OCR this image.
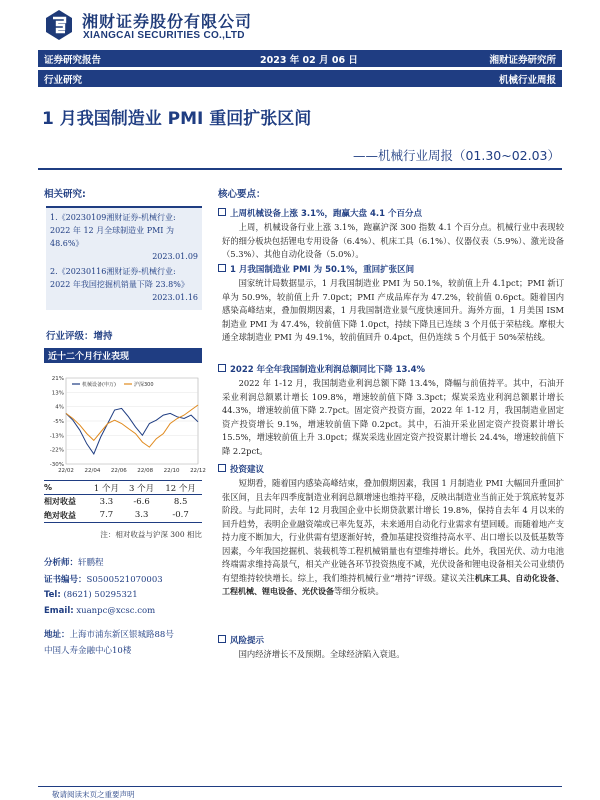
湘财证券股份有限公司
XIANGCAI SECURITIES CO.,LTD
证券研究报告	2023 年 02 月 06 日	湘财证券研究所
行业研究	机械行业周报
1 月我国制造业 PMI 重回扩张区间
——机械行业周报（01.30~02.03）
相关研究:
1.《20230109湘财证券-机械行业: 2022 年 12 月全球制造业 PMI 为 48.6%》
2023.01.09
2.《20230116湘财证券-机械行业: 2022 年我国挖掘机销量下降 23.8%》
2023.01.16
行业评级：增持
近十二个月行业表现
21%
13%
4%
-5%
-13%
-22%
-30%
22/02 22/04 22/06 22/08 22/10 22/12
机械设备(申万)	沪深300
%	1 个月	3 个月	12 个月
相对收益	3.3	-6.6	8.5
绝对收益	7.7	3.3	-0.7
注：相对收益与沪深 300 相比
分析师：轩鹏程
证书编号：S0500521070003
Tel: (8621) 50295321
Email: xuanpc@xcsc.com
地址：上海市浦东新区银城路88号
中国人寿金融中心10楼
核心要点：
上周机械设备上涨 3.1%，跑赢大盘 4.1 个百分点
上周，机械设备行业上涨 3.1%，跑赢沪深 300 指数 4.1 个百分点。机械行业中表现较好的细分板块包括锂电专用设备（6.4%）、机床工具（6.1%）、仪器仪表（5.9%）、激光设备（5.3%）、其他自动化设备（5.0%）。
1 月我国制造业 PMI 为 50.1%，重回扩张区间
国家统计局数据显示，1 月我国制造业 PMI 为 50.1%，较前值上升 4.1pct；PMI 新订单为 50.9%，较前值上升 7.0pct；PMI 产成品库存为 47.2%，较前值 0.6pct。随着国内感染高峰结束，叠加假期因素，1 月我国制造业景气度快速回升。海外方面，1 月美国 ISM 制造业 PMI 为 47.4%，较前值下降 1.0pct，持续下降且已连续 3 个月低于荣枯线。摩根大通全球制造业 PMI 为 49.1%，较前值回升 0.4pct，但仍连续 5 个月低于 50%荣枯线。
2022 年全年我国制造业利润总额同比下降 13.4%
2022 年 1-12 月，我国制造业利润总额下降 13.4%，降幅与前值持平。其中，石油开采业利润总额累计增长 109.8%，增速较前值下降 3.3pct；煤炭采选业利润总额累计增长 44.3%，增速较前值下降 2.7pct。固定资产投资方面，2022 年 1-12 月，我国制造业固定资产投资增长 9.1%，增速较前值下降 0.2pct。其中，石油开采业固定资产投资累计增长 15.5%，增速较前值上升 3.0pct；煤炭采选业固定资产投资累计增长 24.4%，增速较前值下降 2.2pct。
投资建议
短期看，随着国内感染高峰结束，叠加假期因素，我国 1 月制造业 PMI 大幅回升重回扩张区间，且去年四季度制造业利润总额增速也维持平稳，反映出制造业当前正处于筑底转复苏阶段。与此同时，去年 12 月我国企业中长期贷款累计增长 19.8%，保持自去年 4 月以来的回升趋势，表明企业融资端或已率先复苏，未来通用自动化行业需求有望回暖。而随着地产支持力度不断加大，行业供需有望逐渐好转，叠加基建投资维持高水平、出口增长以及低基数等因素，今年我国挖掘机、装载机等工程机械销量也有望维持增长。此外，我国光伏、动力电池终端需求维持高景气，相关产业链各环节投资热度不减，光伏设备和锂电设备相关公司业绩仍有望维持较快增长。综上，我们维持机械行业“增持”评级。建议关注机床工具、自动化设备、工程机械、锂电设备、光伏设备等细分板块。
风险提示
国内经济增长不及预期。全球经济陷入衰退。
敬请阅读末页之重要声明
